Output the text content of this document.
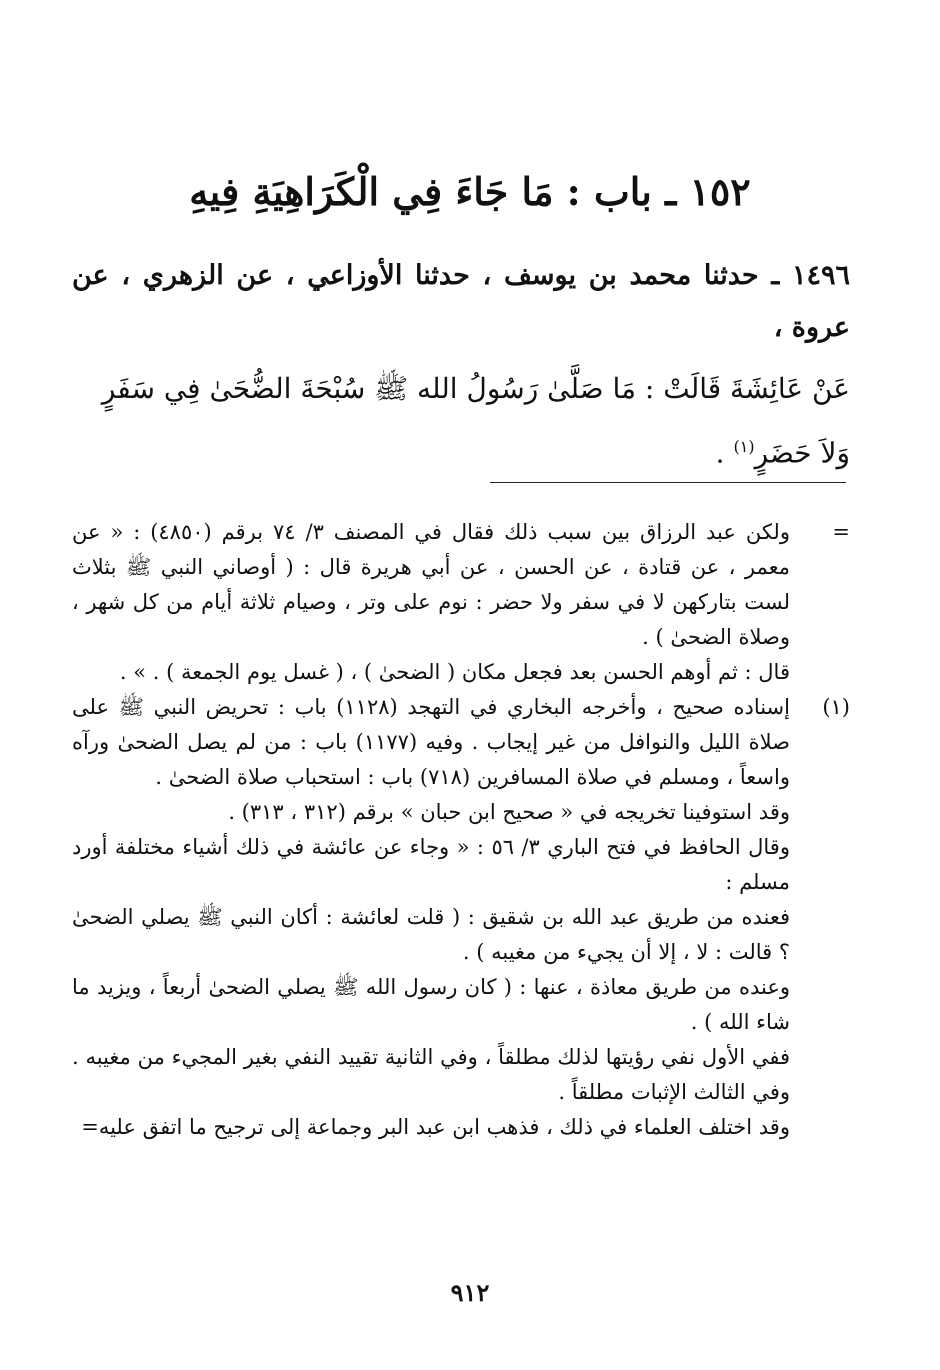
١٥٢ ـ باب : مَا جَاءَ فِي الْكَرَاهِيَةِ فِيهِ
١٤٩٦ ـ حدثنا محمد بن يوسف ، حدثنا الأوزاعي ، عن الزهري ، عن عروة ،
عَنْ عَائِشَةَ قَالَتْ : مَا صَلَّىٰ رَسُولُ الله ﷺ سُبْحَةَ الضُّحَىٰ فِي سَفَرٍ
وَلاَ حَضَرٍ$^{(١)}$ .
=
ولكن عبد الرزاق بين سبب ذلك فقال في المصنف ٣/ ٧٤ برقم (٤٨٥٠) : « عن معمر ، عن قتادة ، عن الحسن ، عن أبي هريرة قال : ( أوصاني النبي ﷺ بثلاث لست بتاركهن لا في سفر ولا حضر : نوم على وتر ، وصيام ثلاثة أيام من كل شهر ، وصلاة الضحىٰ ) .
قال : ثم أوهم الحسن بعد فجعل مكان ( الضحىٰ ) ، ( غسل يوم الجمعة ) . » .
(١)
إسناده صحيح ، وأخرجه البخاري في التهجد (١١٢٨) باب : تحريض النبي ﷺ على صلاة الليل والنوافل من غير إيجاب . وفيه (١١٧٧) باب : من لم يصل الضحىٰ ورآه واسعاً ، ومسلم في صلاة المسافرين (٧١٨) باب : استحباب صلاة الضحىٰ .
وقد استوفينا تخريجه في « صحيح ابن حبان » برقم (٣١٢ ، ٣١٣) .
وقال الحافظ في فتح الباري ٣/ ٥٦ : « وجاء عن عائشة في ذلك أشياء مختلفة أورد مسلم :
فعنده من طريق عبد الله بن شقيق : ( قلت لعائشة : أكان النبي ﷺ يصلي الضحىٰ ؟ قالت : لا ، إلا أن يجيء من مغيبه ) .
وعنده من طريق معاذة ، عنها : ( كان رسول الله ﷺ يصلي الضحىٰ أربعاً ، ويزيد ما شاء الله ) .
ففي الأول نفي رؤيتها لذلك مطلقاً ، وفي الثانية تقييد النفي بغير المجيء من مغيبه . وفي الثالث الإثبات مطلقاً .
وقد اختلف العلماء في ذلك ، فذهب ابن عبد البر وجماعة إلى ترجيح ما اتفق عليه=
٩١٢
